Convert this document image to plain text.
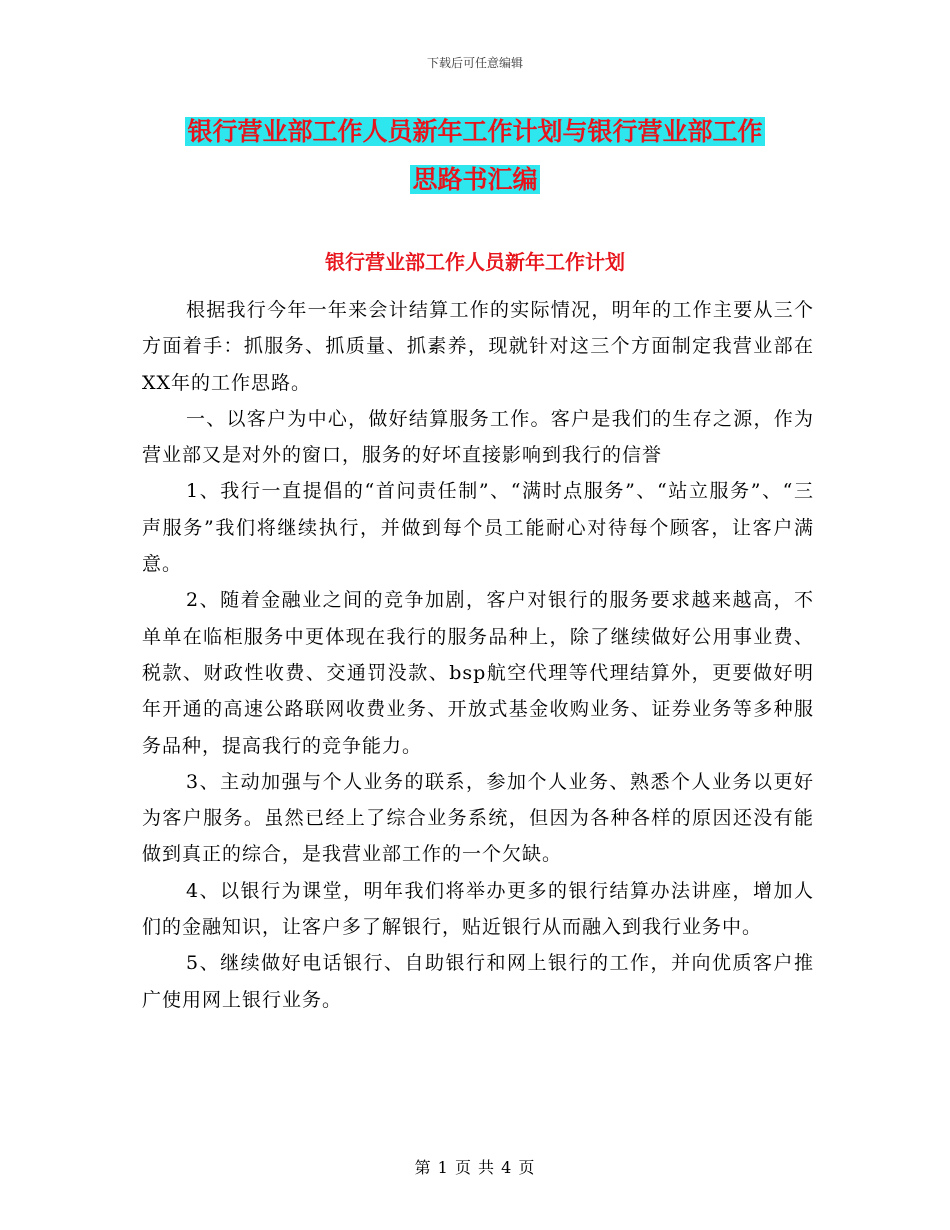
下载后可任意编辑
银行营业部工作人员新年工作计划与银行营业部工作
思路书汇编
银行营业部工作人员新年工作计划

根据我行今年一年来会计结算工作的实际情况，明年的工作主要从三个方面着手：抓服务、抓质量、抓素养，现就针对这三个方面制定我营业部在XX年的工作思路。

一、以客户为中心，做好结算服务工作。客户是我们的生存之源，作为营业部又是对外的窗口，服务的好坏直接影响到我行的信誉

1、我行一直提倡的“首问责任制”、“满时点服务”、“站立服务”、“三声服务”我们将继续执行，并做到每个员工能耐心对待每个顾客，让客户满意。

2、随着金融业之间的竞争加剧，客户对银行的服务要求越来越高，不单单在临柜服务中更体现在我行的服务品种上，除了继续做好公用事业费、税款、财政性收费、交通罚没款、bsp航空代理等代理结算外，更要做好明年开通的高速公路联网收费业务、开放式基金收购业务、证券业务等多种服务品种，提高我行的竞争能力。

3、主动加强与个人业务的联系，参加个人业务、熟悉个人业务以更好为客户服务。虽然已经上了综合业务系统，但因为各种各样的原因还没有能做到真正的综合，是我营业部工作的一个欠缺。

4、以银行为课堂，明年我们将举办更多的银行结算办法讲座，增加人们的金融知识，让客户多了解银行，贴近银行从而融入到我行业务中。

5、继续做好电话银行、自助银行和网上银行的工作，并向优质客户推广使用网上银行业务。

第 1 页 共 4 页
